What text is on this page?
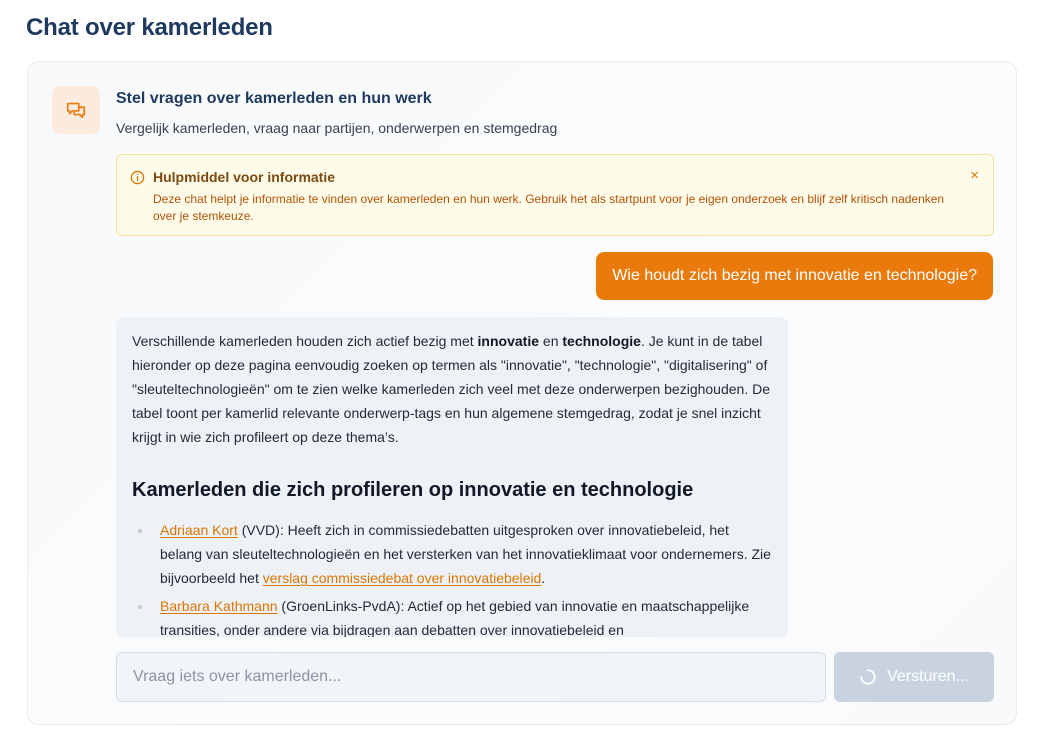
Chat over kamerleden
Stel vragen over kamerleden en hun werk
Vergelijk kamerleden, vraag naar partijen, onderwerpen en stemgedrag
Hulpmiddel voor informatie
Deze chat helpt je informatie te vinden over kamerleden en hun werk. Gebruik het als startpunt voor je eigen onderzoek en blijf zelf kritisch nadenken over je stemkeuze.
×
Wie houdt zich bezig met innovatie en technologie?

Verschillende kamerleden houden zich actief bezig met innovatie en technologie. Je kunt in de tabel hieronder op deze pagina eenvoudig zoeken op termen als "innovatie", "technologie", "digitalisering" of "sleuteltechnologieën" om te zien welke kamerleden zich veel met deze onderwerpen bezighouden. De tabel toont per kamerlid relevante onderwerp-tags en hun algemene stemgedrag, zodat je snel inzicht krijgt in wie zich profileert op deze thema’s.

Kamerleden die zich profileren op innovatie en technologie
Adriaan Kort (VVD): Heeft zich in commissiedebatten uitgesproken over innovatiebeleid, het belang van sleuteltechnologieën en het versterken van het innovatieklimaat voor ondernemers. Zie bijvoorbeeld het verslag commissiedebat over innovatiebeleid.
Barbara Kathmann (GroenLinks-PvdA): Actief op het gebied van innovatie en maatschappelijke transities, onder andere via bijdragen aan debatten over innovatiebeleid en
Vraag iets over kamerleden...
Versturen...
